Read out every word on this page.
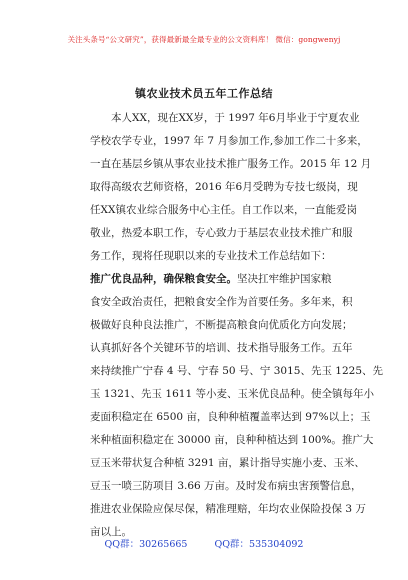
关注头条号“公文研究”，获得最新最全最专业的公文资料库！ 微信：gongwenyj
镇农业技术员五年工作总结
本人XX，现在XX岁，于 1997 年6月毕业于宁夏农业
学校农学专业，1997 年 7 月参加工作,参加工作二十多来，
一直在基层乡镇从事农业技术推广服务工作。2015 年 12 月
取得高级农艺师资格，2016 年6月受聘为专技七级岗，现
任XX镇农业综合服务中心主任。自工作以来，一直能爱岗
敬业，热爱本职工作，专心致力于基层农业技术推广和服
务工作，现将任现职以来的专业技术工作总结如下：
推广优良品种，确保粮食安全。坚决扛牢维护国家粮
食安全政治责任，把粮食安全作为首要任务。多年来，积
极做好良种良法推广，不断提高粮食向优质化方向发展；
认真抓好各个关键环节的培训、技术指导服务工作。五年
来持续推广宁春 4 号、宁春 50 号、宁 3015、先玉 1225、先
玉 1321、先玉 1611 等小麦、玉米优良品种。使全镇每年小
麦面积稳定在 6500 亩，良种种植覆盖率达到 97%以上；玉
米种植面积稳定在 30000 亩，良种种植达到 100%。推广大
豆玉米带状复合种植 3291 亩，累计指导实施小麦、玉米、
豆玉一喷三防项目 3.66 万亩。及时发布病虫害预警信息，
推进农业保险应保尽保，精准理赔，年均农业保险投保 3 万
亩以上。
QQ群：30265665	QQ群：535304092
